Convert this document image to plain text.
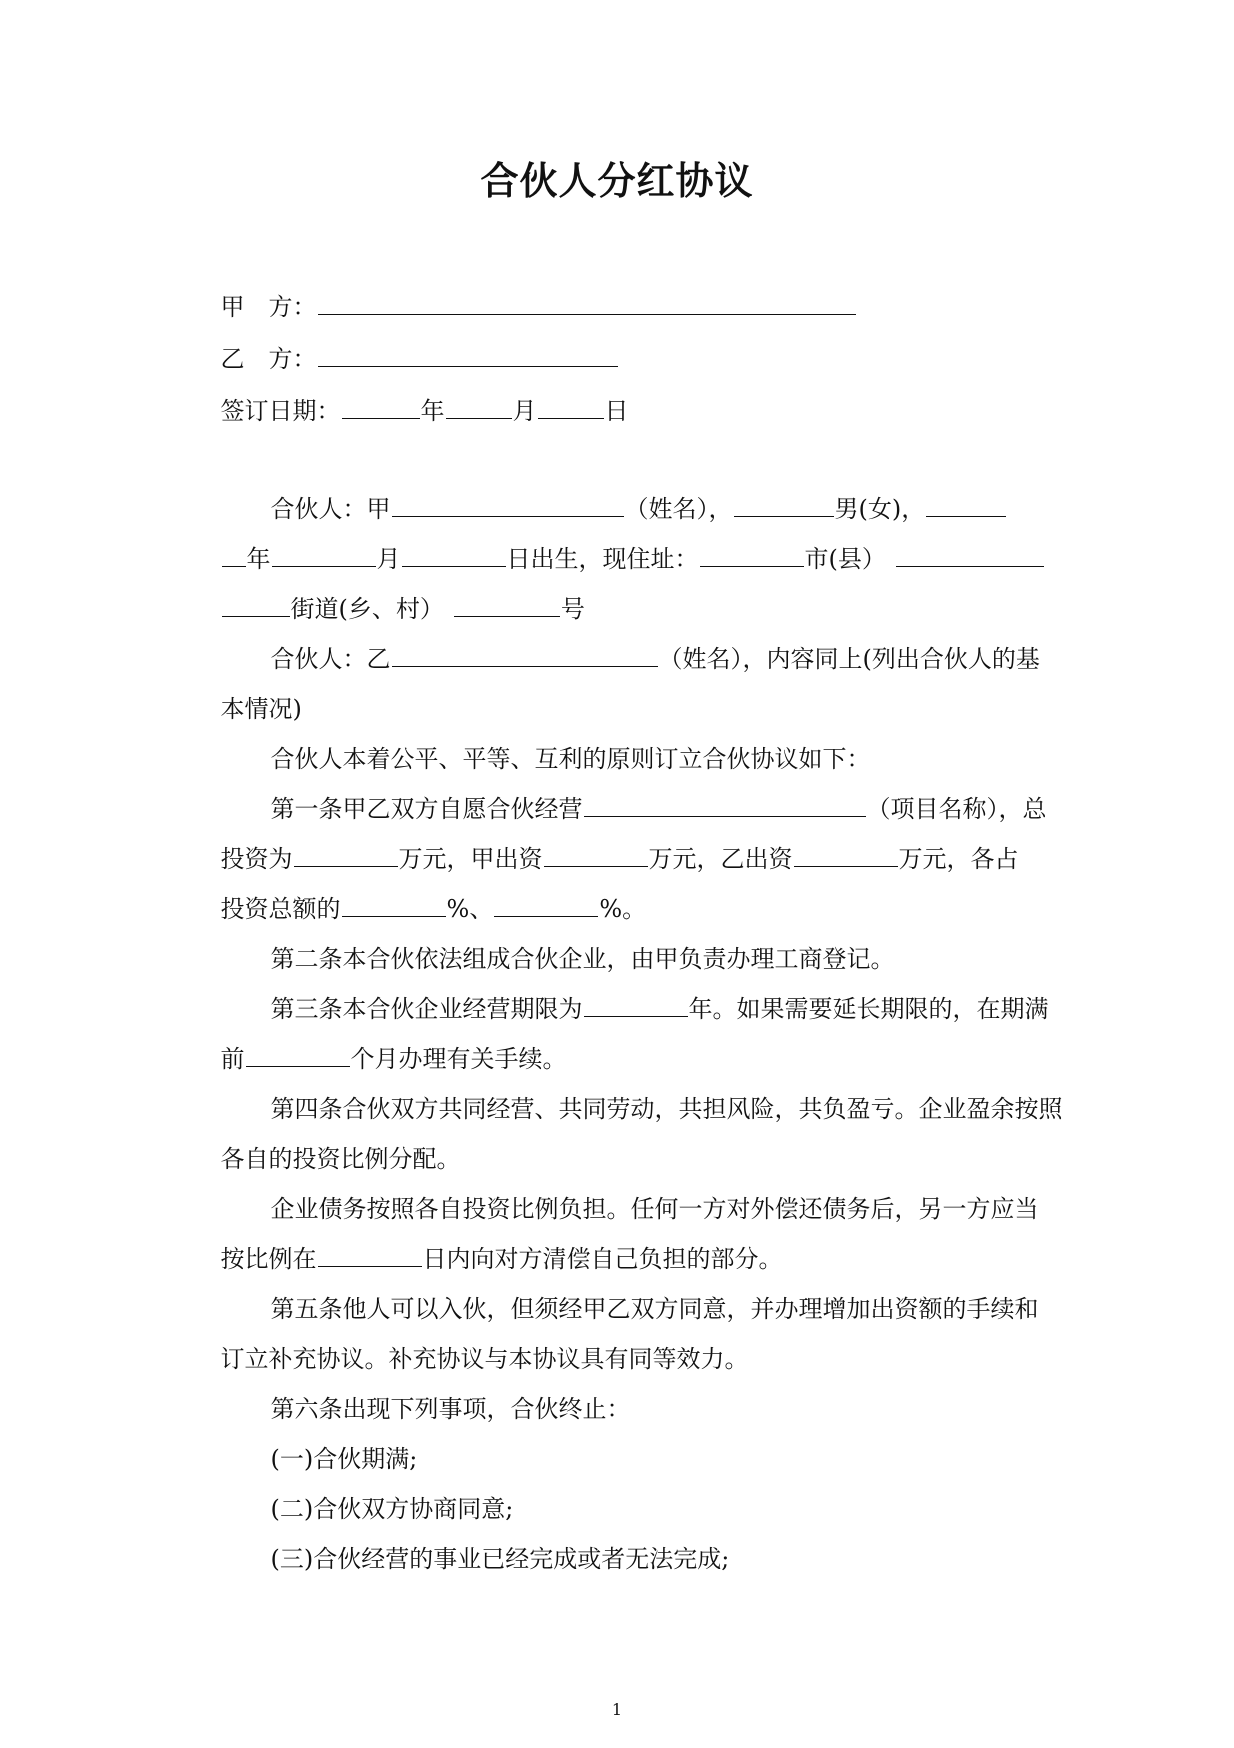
合伙人分红协议

甲　方：

乙　方：

签订日期：	年	月	日

合伙人：甲	（姓名），	男(女)，

年	月	日出生，现住址：	市(县）

街道(乡、村）	号

合伙人：乙	（姓名），内容同上(列出合伙人的基

本情况)

合伙人本着公平、平等、互利的原则订立合伙协议如下：

第一条甲乙双方自愿合伙经营	（项目名称），总

投资为	万元，甲出资	万元，乙出资	万元，各占

投资总额的	%、	%。

第二条本合伙依法组成合伙企业，由甲负责办理工商登记。

第三条本合伙企业经营期限为	年。如果需要延长期限的，在期满

前	个月办理有关手续。

第四条合伙双方共同经营、共同劳动，共担风险，共负盈亏。企业盈余按照

各自的投资比例分配。

企业债务按照各自投资比例负担。任何一方对外偿还债务后，另一方应当

按比例在	日内向对方清偿自己负担的部分。

第五条他人可以入伙，但须经甲乙双方同意，并办理增加出资额的手续和

订立补充协议。补充协议与本协议具有同等效力。

第六条出现下列事项，合伙终止：

(一)合伙期满;

(二)合伙双方协商同意;

(三)合伙经营的事业已经完成或者无法完成;

1
